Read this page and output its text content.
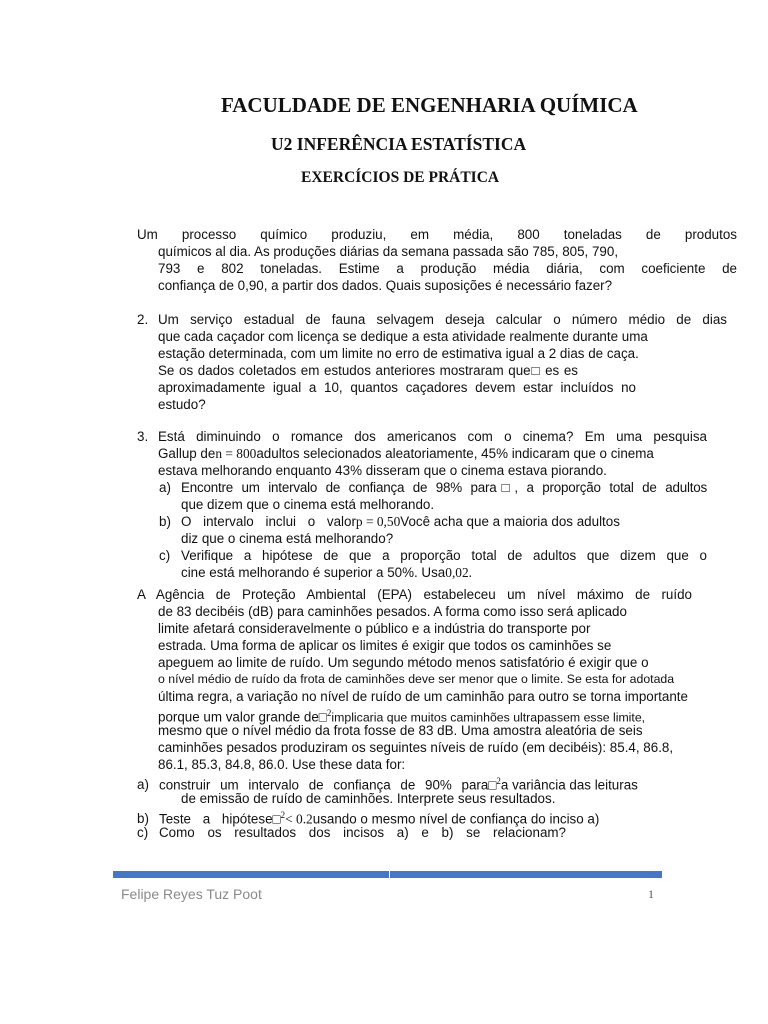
FACULDADE DE ENGENHARIA QUÍMICA
U2 INFERÊNCIA ESTATÍSTICA
EXERCÍCIOS DE PRÁTICA
Um processo químico produziu, em média, 800 toneladas de produtos
químicos al dia. As produções diárias da semana passada são 785, 805, 790,
793 e 802 toneladas. Estime a produção média diária, com coeficiente de
confiança de 0,90, a partir dos dados. Quais suposições é necessário fazer?
2. Um serviço estadual de fauna selvagem deseja calcular o número médio de dias
que cada caçador com licença se dedique a esta atividade realmente durante uma
estação determinada, com um limite no erro de estimativa igual a 2 dias de caça.
Se os dados coletados em estudos anteriores mostraram que□ es es
aproximadamente igual a 10, quantos caçadores devem estar incluídos no
estudo?
3. Está diminuindo o romance dos americanos com o cinema? Em uma pesquisa
Gallup den = 800adultos selecionados aleatoriamente, 45% indicaram que o cinema
estava melhorando enquanto 43% disseram que o cinema estava piorando.
a) Encontre um intervalo de confiança de 98% para□, a proporção total de adultos
que dizem que o cinema está melhorando.
b) O intervalo inclui o valorp = 0,50Você acha que a maioria dos adultos
diz que o cinema está melhorando?
c) Verifique a hipótese de que a proporção total de adultos que dizem que o
cine está melhorando é superior a 50%. Usa0,02.
A Agência de Proteção Ambiental (EPA) estabeleceu um nível máximo de ruído
de 83 decibéis (dB) para caminhões pesados. A forma como isso será aplicado
limite afetará consideravelmente o público e a indústria do transporte por
estrada. Uma forma de aplicar os limites é exigir que todos os caminhões se
apeguem ao limite de ruído. Um segundo método menos satisfatório é exigir que o
o nível médio de ruído da frota de caminhões deve ser menor que o limite. Se esta for adotada
última regra, a variação no nível de ruído de um caminhão para outro se torna importante
porque um valor grande de□$^2$implicaria que muitos caminhões ultrapassem esse limite,
mesmo que o nível médio da frota fosse de 83 dB. Uma amostra aleatória de seis
caminhões pesados produziram os seguintes níveis de ruído (em decibéis): 85.4, 86.8,
86.1, 85.3, 84.8, 86.0. Use these data for:
a) construir um intervalo de confiança de 90% para□$^2$a variância das leituras
de emissão de ruído de caminhões. Interprete seus resultados.
b) Teste a hipótese□$^2$< 0.2usando o mesmo nível de confiança do inciso a)
c) Como os resultados dos incisos a) e b) se relacionam?
Felipe Reyes Tuz Poot	1
